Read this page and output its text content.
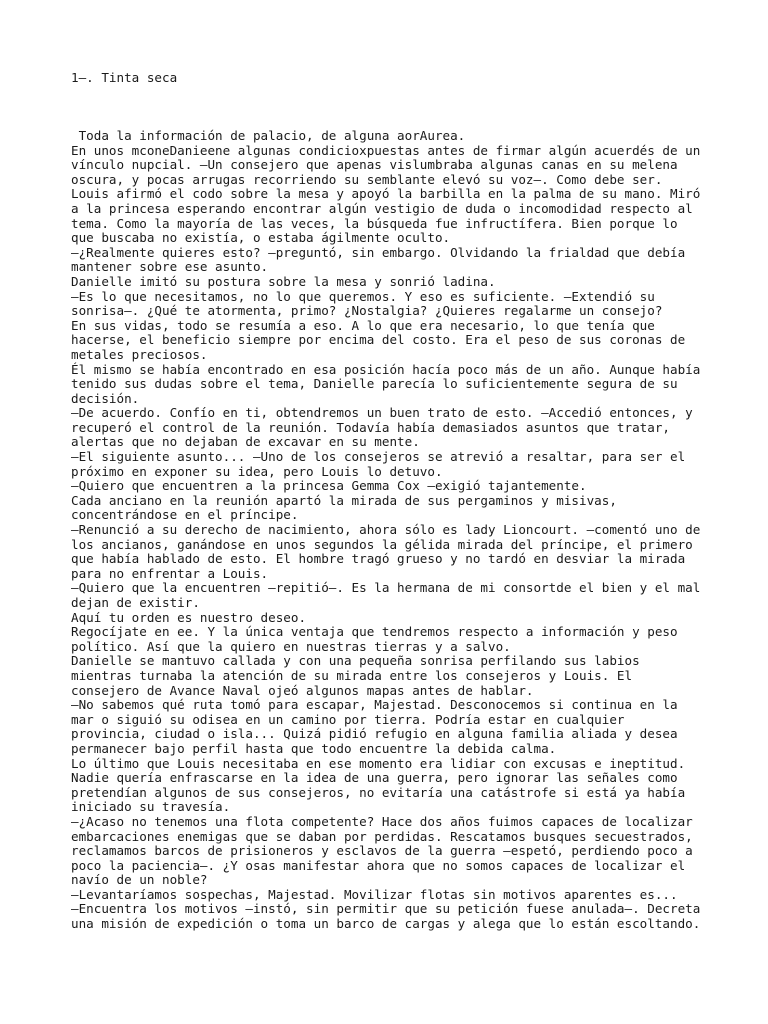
1—. Tinta seca
Toda la información de palacio, de alguna aorAurea.
En unos mconeDanieene algunas condicioxpuestas antes de firmar algún acuerdés de un
vínculo nupcial. —Un consejero que apenas vislumbraba algunas canas en su melena
oscura, y pocas arrugas recorriendo su semblante elevó su voz—. Como debe ser.
Louis afirmó el codo sobre la mesa y apoyó la barbilla en la palma de su mano. Miró
a la princesa esperando encontrar algún vestigio de duda o incomodidad respecto al
tema. Como la mayoría de las veces, la búsqueda fue infructífera. Bien porque lo
que buscaba no existía, o estaba ágilmente oculto.
—¿Realmente quieres esto? —preguntó, sin embargo. Olvidando la frialdad que debía
mantener sobre ese asunto.
Danielle imitó su postura sobre la mesa y sonrió ladina.
—Es lo que necesitamos, no lo que queremos. Y eso es suficiente. —Extendió su
sonrisa—. ¿Qué te atormenta, primo? ¿Nostalgia? ¿Quieres regalarme un consejo?
En sus vidas, todo se resumía a eso. A lo que era necesario, lo que tenía que
hacerse, el beneficio siempre por encima del costo. Era el peso de sus coronas de
metales preciosos.
Él mismo se había encontrado en esa posición hacía poco más de un año. Aunque había
tenido sus dudas sobre el tema, Danielle parecía lo suficientemente segura de su
decisión.
—De acuerdo. Confío en ti, obtendremos un buen trato de esto. —Accedió entonces, y
recuperó el control de la reunión. Todavía había demasiados asuntos que tratar,
alertas que no dejaban de excavar en su mente.
—El siguiente asunto... —Uno de los consejeros se atrevió a resaltar, para ser el
próximo en exponer su idea, pero Louis lo detuvo.
—Quiero que encuentren a la princesa Gemma Cox —exigió tajantemente.
Cada anciano en la reunión apartó la mirada de sus pergaminos y misivas,
concentrándose en el príncipe.
—Renunció a su derecho de nacimiento, ahora sólo es lady Lioncourt. —comentó uno de
los ancianos, ganándose en unos segundos la gélida mirada del príncipe, el primero
que había hablado de esto. El hombre tragó grueso y no tardó en desviar la mirada
para no enfrentar a Louis.
—Quiero que la encuentren —repitió—. Es la hermana de mi consortde el bien y el mal
dejan de existir.
Aquí tu orden es nuestro deseo.
Regocíjate en ee. Y la única ventaja que tendremos respecto a información y peso
político. Así que la quiero en nuestras tierras y a salvo.
Danielle se mantuvo callada y con una pequeña sonrisa perfilando sus labios
mientras turnaba la atención de su mirada entre los consejeros y Louis. El
consejero de Avance Naval ojeó algunos mapas antes de hablar.
—No sabemos qué ruta tomó para escapar, Majestad. Desconocemos si continua en la
mar o siguió su odisea en un camino por tierra. Podría estar en cualquier
provincia, ciudad o isla... Quizá pidió refugio en alguna familia aliada y desea
permanecer bajo perfil hasta que todo encuentre la debida calma.
Lo último que Louis necesitaba en ese momento era lidiar con excusas e ineptitud.
Nadie quería enfrascarse en la idea de una guerra, pero ignorar las señales como
pretendían algunos de sus consejeros, no evitaría una catástrofe si está ya había
iniciado su travesía.
—¿Acaso no tenemos una flota competente? Hace dos años fuimos capaces de localizar
embarcaciones enemigas que se daban por perdidas. Rescatamos busques secuestrados,
reclamamos barcos de prisioneros y esclavos de la guerra —espetó, perdiendo poco a
poco la paciencia—. ¿Y osas manifestar ahora que no somos capaces de localizar el
navío de un noble?
—Levantaríamos sospechas, Majestad. Movilizar flotas sin motivos aparentes es...
—Encuentra los motivos —instó, sin permitir que su petición fuese anulada—. Decreta
una misión de expedición o toma un barco de cargas y alega que lo están escoltando.
